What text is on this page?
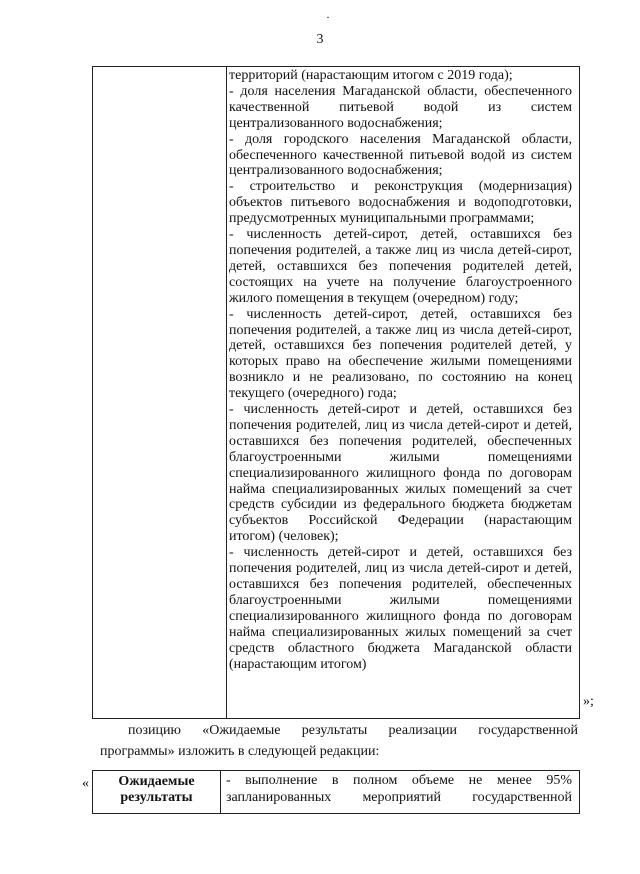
·
3

территорий (нарастающим итогом с 2019 года);

- доля населения Магаданской области, обеспеченного

качественной питьевой водой из систем

централизованного водоснабжения;

- доля городского населения Магаданской области,

обеспеченного качественной питьевой водой из систем

централизованного водоснабжения;

- строительство и реконструкция (модернизация)

объектов питьевого водоснабжения и водоподготовки,

предусмотренных муниципальными программами;

- численность детей-сирот, детей, оставшихся без

попечения родителей, а также лиц из числа детей-сирот,

детей, оставшихся без попечения родителей детей,

состоящих на учете на получение благоустроенного

жилого помещения в текущем (очередном) году;

- численность детей-сирот, детей, оставшихся без

попечения родителей, а также лиц из числа детей-сирот,

детей, оставшихся без попечения родителей детей, у

которых право на обеспечение жилыми помещениями

возникло и не реализовано, по состоянию на конец

текущего (очередного) года;

- численность детей-сирот и детей, оставшихся без

попечения родителей, лиц из числа детей-сирот и детей,

оставшихся без попечения родителей, обеспеченных

благоустроенными жилыми помещениями

специализированного жилищного фонда по договорам

найма специализированных жилых помещений за счет

средств субсидии из федерального бюджета бюджетам

субъектов Российской Федерации (нарастающим

итогом) (человек);

- численность детей-сирот и детей, оставшихся без

попечения родителей, лиц из числа детей-сирот и детей,

оставшихся без попечения родителей, обеспеченных

благоустроенными жилыми помещениями

специализированного жилищного фонда по договорам

найма специализированных жилых помещений за счет

средств областного бюджета Магаданской области

(нарастающим итогом)

»;

позицию «Ожидаемые результаты реализации государственной

программы» изложить в следующей редакции:

«	Ожидаемые результаты

- выполнение в полном объеме не менее 95%

запланированных мероприятий государственной
